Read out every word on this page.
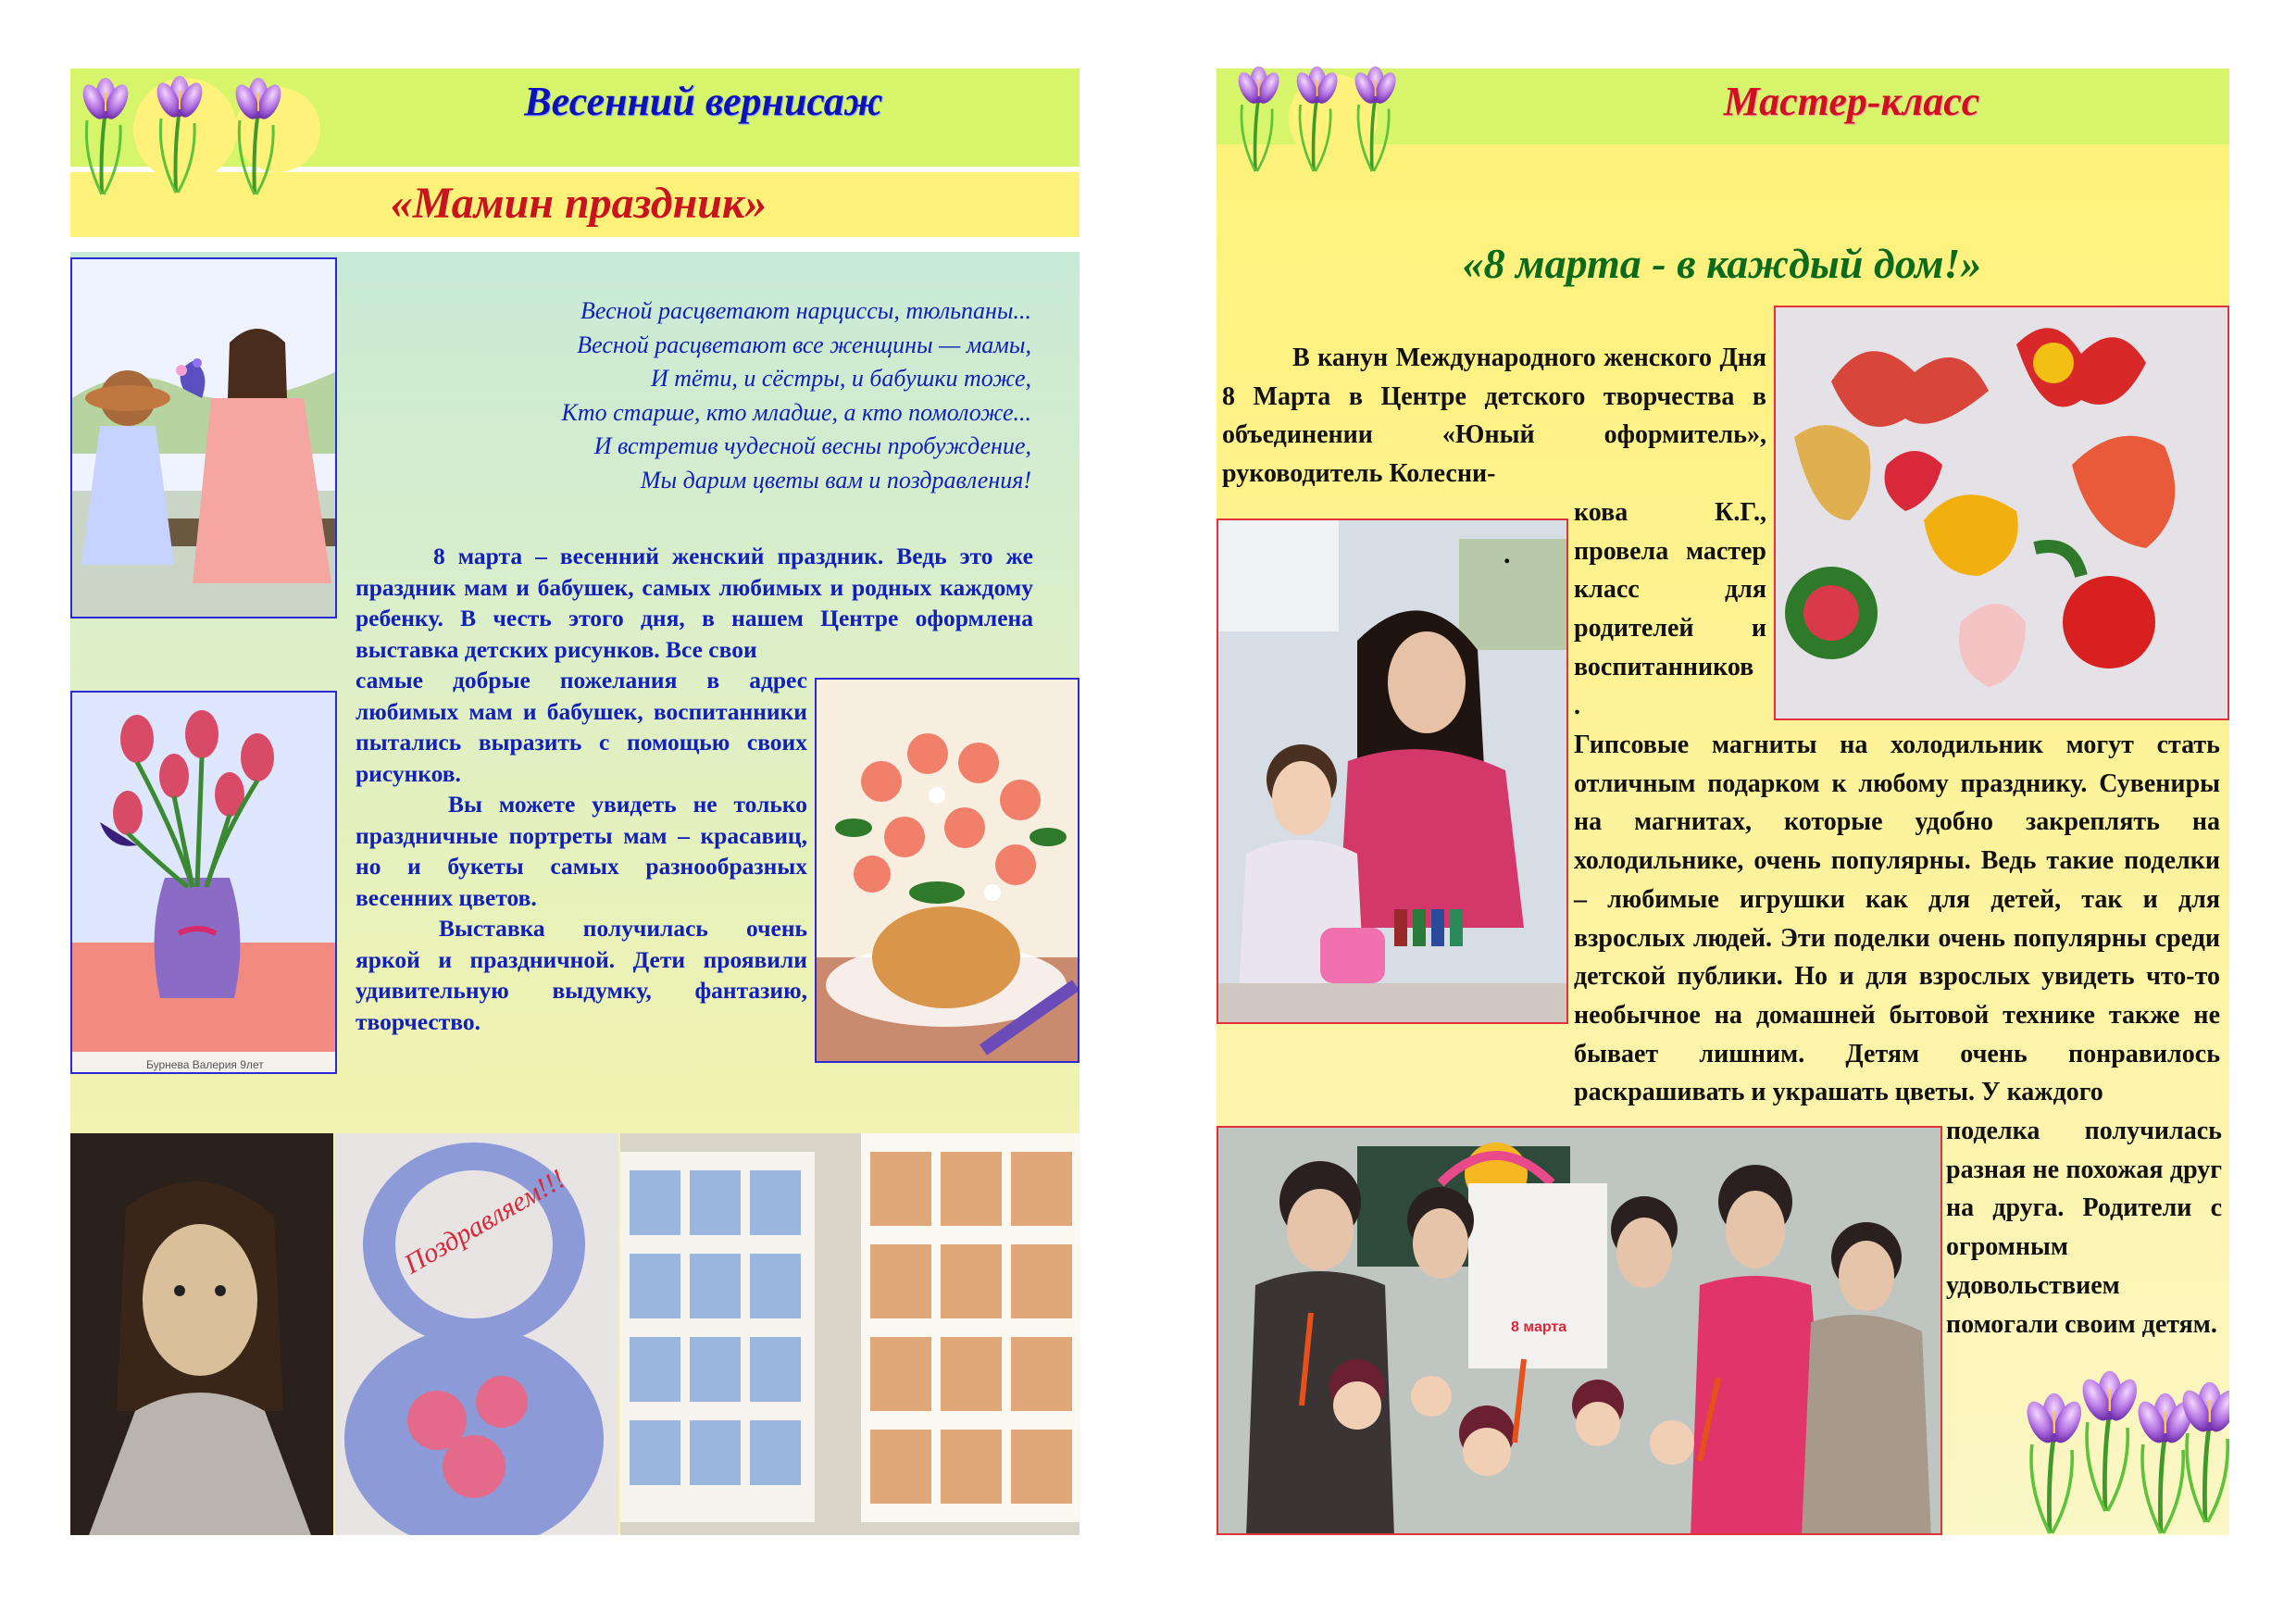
Весенний вернисаж
«Мамин праздник»
Весной расцветают нарциссы, тюльпаны...
Весной расцветают все женщины — мамы,
И тёти, и сёстры, и бабушки тоже,
Кто старше, кто младше, а кто помоложе...
И встретив чудесной весны пробуждение,
Мы дарим цветы вам и поздравления!
8 марта – весенний женский праздник. Ведь это же праздник мам и бабушек, самых любимых и родных каждому ребенку. В честь этого дня, в нашем Центре оформлена выставка детских рисунков. Все свои
самые добрые пожелания в адрес любимых мам и бабушек, воспитанники пытались выразить с помощью своих рисунков.
Вы можете увидеть не только праздничные портреты мам – красавиц, но и букеты самых разнообразных весенних цветов.
Выставка получилась очень яркой и праздничной. Дети проявили удивительную выдумку, фантазию, творчество.
Бурнева Валерия 9лет
Поздравляем!!!
Мастер-класс
«8 марта - в каждый дом!»
.
В канун Международного женского Дня 8 Марта в Центре детского творчества в объединении «Юный оформитель», руководитель Колесни-
кова К.Г., провела мастер класс для родителей и воспитанников .
Гипсовые магниты на холодильник могут стать отличным подарком к любому празднику. Сувениры на магнитах, которые удобно закреплять на холодильнике, очень популярны. Ведь такие поделки – любимые игрушки как для детей, так и для взрослых людей. Эти поделки очень популярны среди детской публики. Но и для взрослых увидеть что-то необычное на домашней бытовой технике также не бывает лишним. Детям очень понравилось раскрашивать и украшать цветы. У каждого
8 марта
поделка получилась разная не похожая друг на друга. Родители с огромным удовольствием помогали своим детям.
